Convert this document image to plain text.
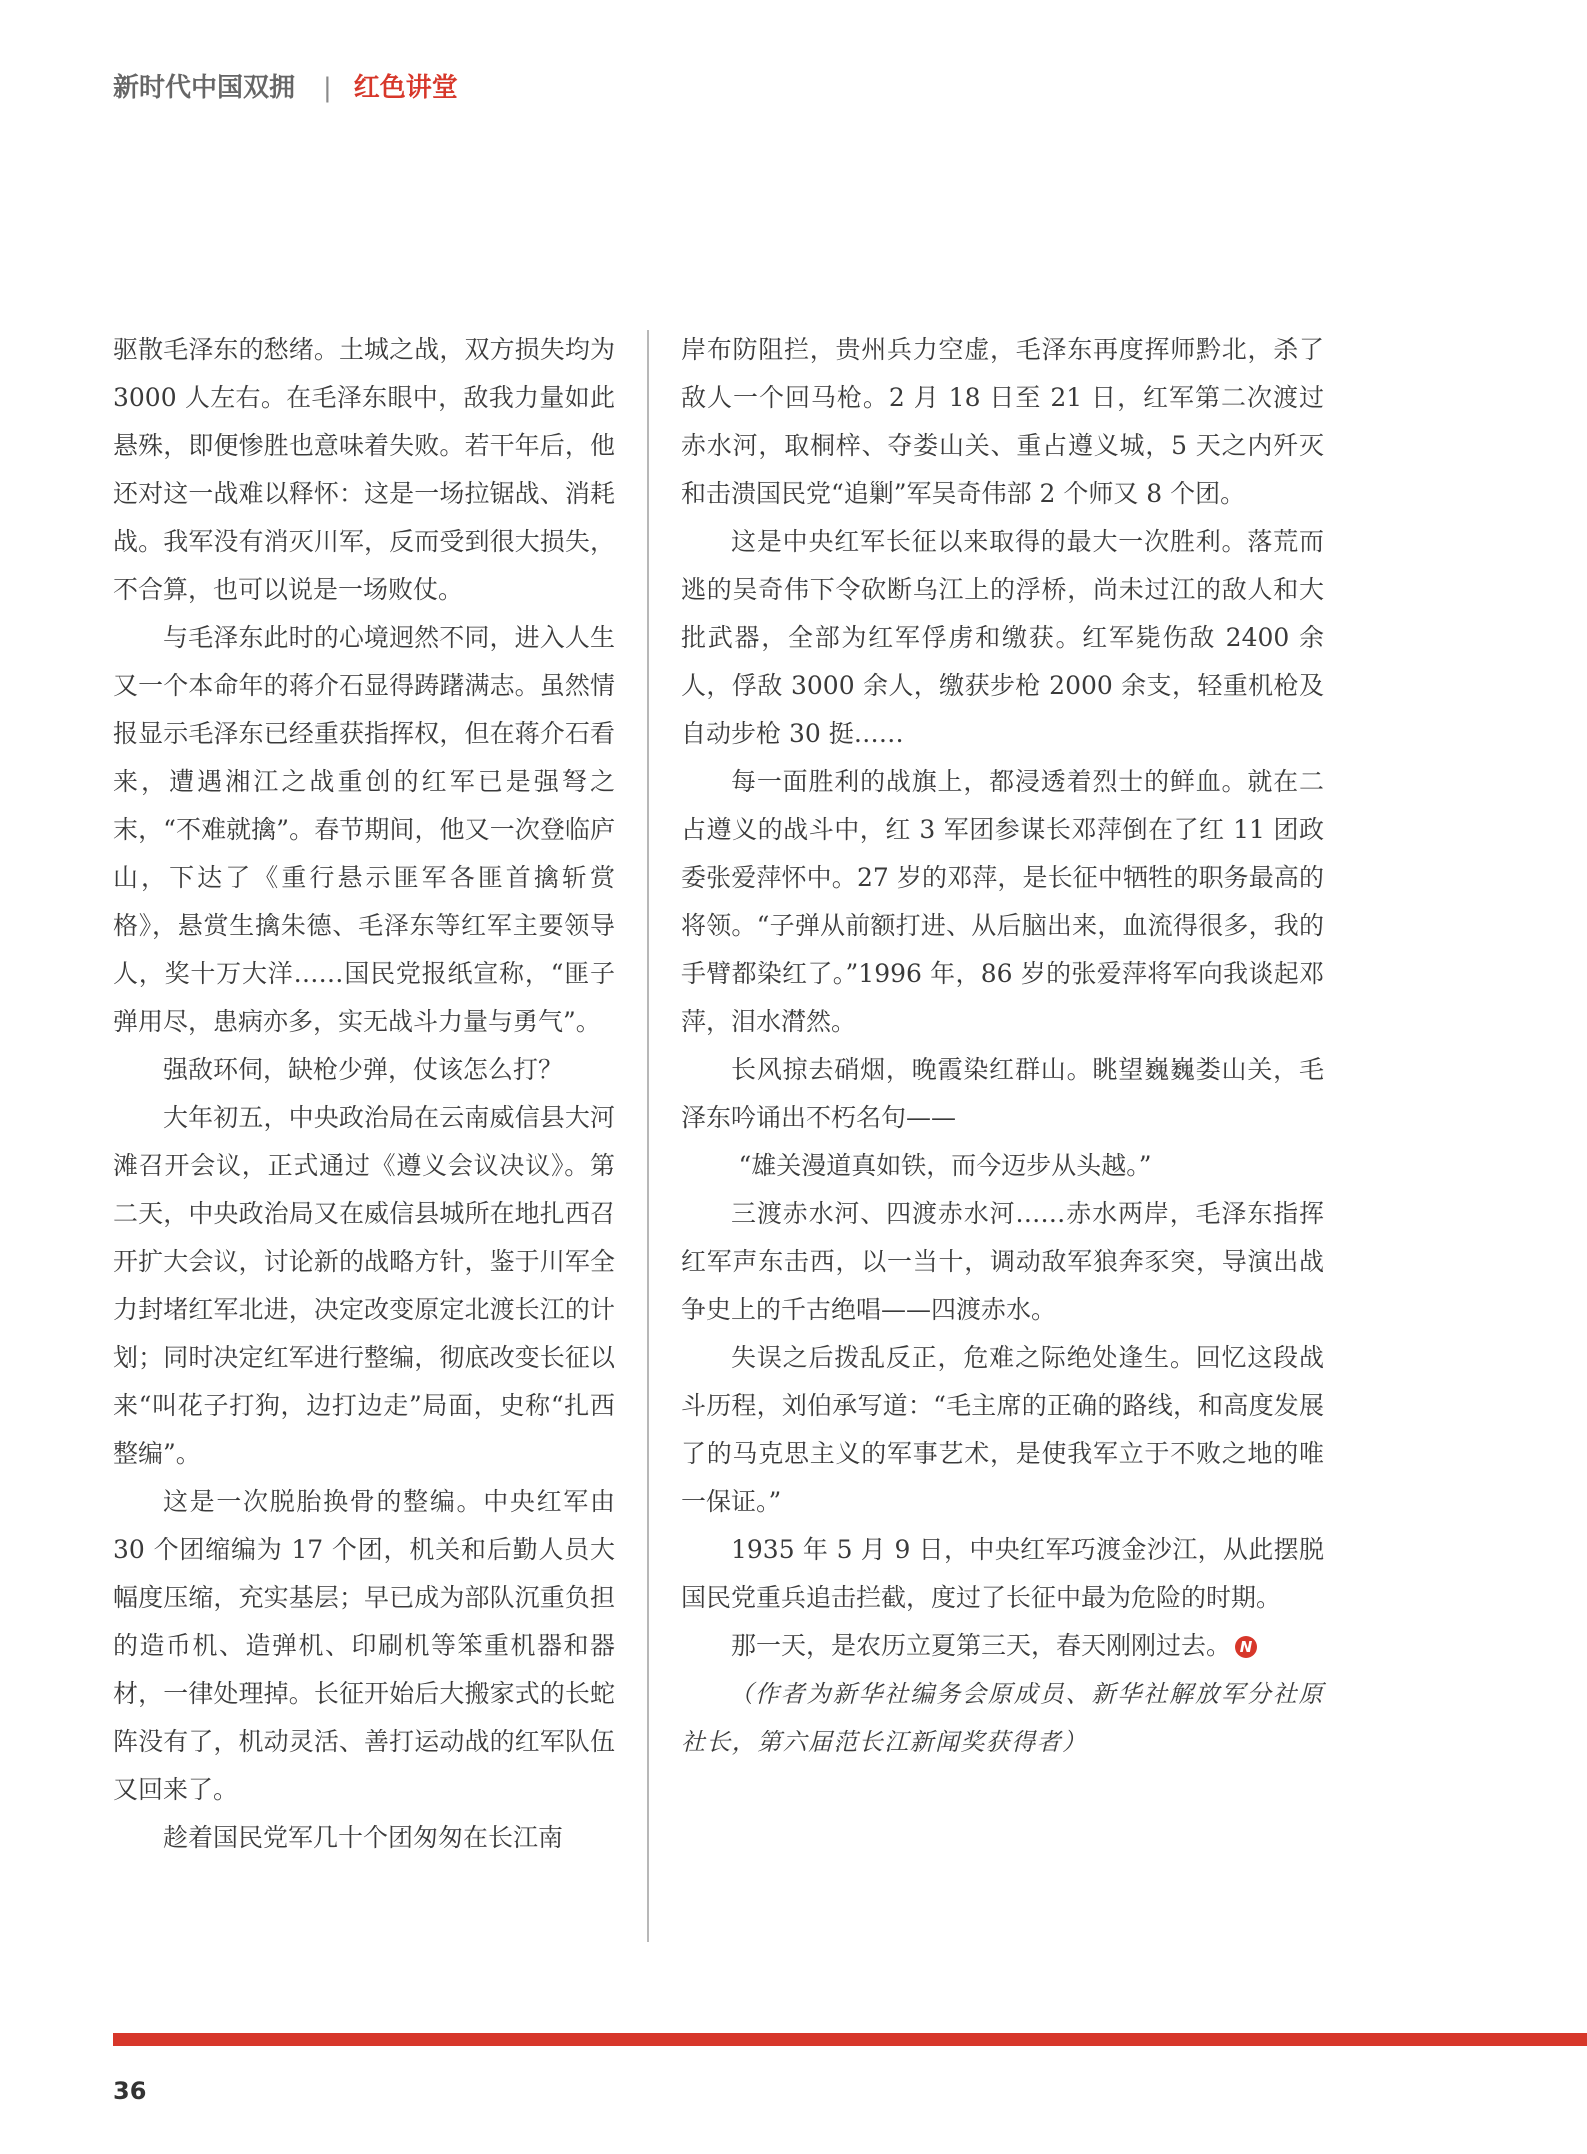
新时代中国双拥 | 红色讲堂

驱散毛泽东的愁绪。土城之战，双方损失均为 3000 人左右。在毛泽东眼中，敌我力量如此悬殊，即便惨胜也意味着失败。若干年后，他还对这一战难以释怀：这是一场拉锯战、消耗战。我军没有消灭川军，反而受到很大损失，不合算，也可以说是一场败仗。

与毛泽东此时的心境迥然不同，进入人生又一个本命年的蒋介石显得踌躇满志。虽然情报显示毛泽东已经重获指挥权，但在蒋介石看来，遭遇湘江之战重创的红军已是强弩之末，“不难就擒”。春节期间，他又一次登临庐山，下达了《重行悬示匪军各匪首擒斩赏格》，悬赏生擒朱德、毛泽东等红军主要领导人，奖十万大洋……国民党报纸宣称，“匪子弹用尽，患病亦多，实无战斗力量与勇气”。

强敌环伺，缺枪少弹，仗该怎么打？

大年初五，中央政治局在云南威信县大河滩召开会议，正式通过《遵义会议决议》。第二天，中央政治局又在威信县城所在地扎西召开扩大会议，讨论新的战略方针，鉴于川军全力封堵红军北进，决定改变原定北渡长江的计划；同时决定红军进行整编，彻底改变长征以来“叫花子打狗，边打边走”局面，史称“扎西整编”。

这是一次脱胎换骨的整编。中央红军由 30 个团缩编为 17 个团，机关和后勤人员大幅度压缩，充实基层；早已成为部队沉重负担的造币机、造弹机、印刷机等笨重机器和器材，一律处理掉。长征开始后大搬家式的长蛇阵没有了，机动灵活、善打运动战的红军队伍又回来了。

趁着国民党军几十个团匆匆在长江南

岸布防阻拦，贵州兵力空虚，毛泽东再度挥师黔北，杀了敌人一个回马枪。2 月 18 日至 21 日，红军第二次渡过赤水河，取桐梓、夺娄山关、重占遵义城，5 天之内歼灭和击溃国民党“追剿”军吴奇伟部 2 个师又 8 个团。

这是中央红军长征以来取得的最大一次胜利。落荒而逃的吴奇伟下令砍断乌江上的浮桥，尚未过江的敌人和大批武器，全部为红军俘虏和缴获。红军毙伤敌 2400 余人，俘敌 3000 余人，缴获步枪 2000 余支，轻重机枪及自动步枪 30 挺……

每一面胜利的战旗上，都浸透着烈士的鲜血。就在二占遵义的战斗中，红 3 军团参谋长邓萍倒在了红 11 团政委张爱萍怀中。27 岁的邓萍，是长征中牺牲的职务最高的将领。“子弹从前额打进、从后脑出来，血流得很多，我的手臂都染红了。”1996 年，86 岁的张爱萍将军向我谈起邓萍，泪水潸然。

长风掠去硝烟，晚霞染红群山。眺望巍巍娄山关，毛泽东吟诵出不朽名句——

“雄关漫道真如铁，而今迈步从头越。”

三渡赤水河、四渡赤水河……赤水两岸，毛泽东指挥红军声东击西，以一当十，调动敌军狼奔豕突，导演出战争史上的千古绝唱——四渡赤水。

失误之后拨乱反正，危难之际绝处逢生。回忆这段战斗历程，刘伯承写道：“毛主席的正确的路线，和高度发展了的马克思主义的军事艺术，是使我军立于不败之地的唯一保证。”

1935 年 5 月 9 日，中央红军巧渡金沙江，从此摆脱国民党重兵追击拦截，度过了长征中最为危险的时期。

那一天，是农历立夏第三天，春天刚刚过去。 N

（作者为新华社编务会原成员、新华社解放军分社原社长，第六届范长江新闻奖获得者）

36
